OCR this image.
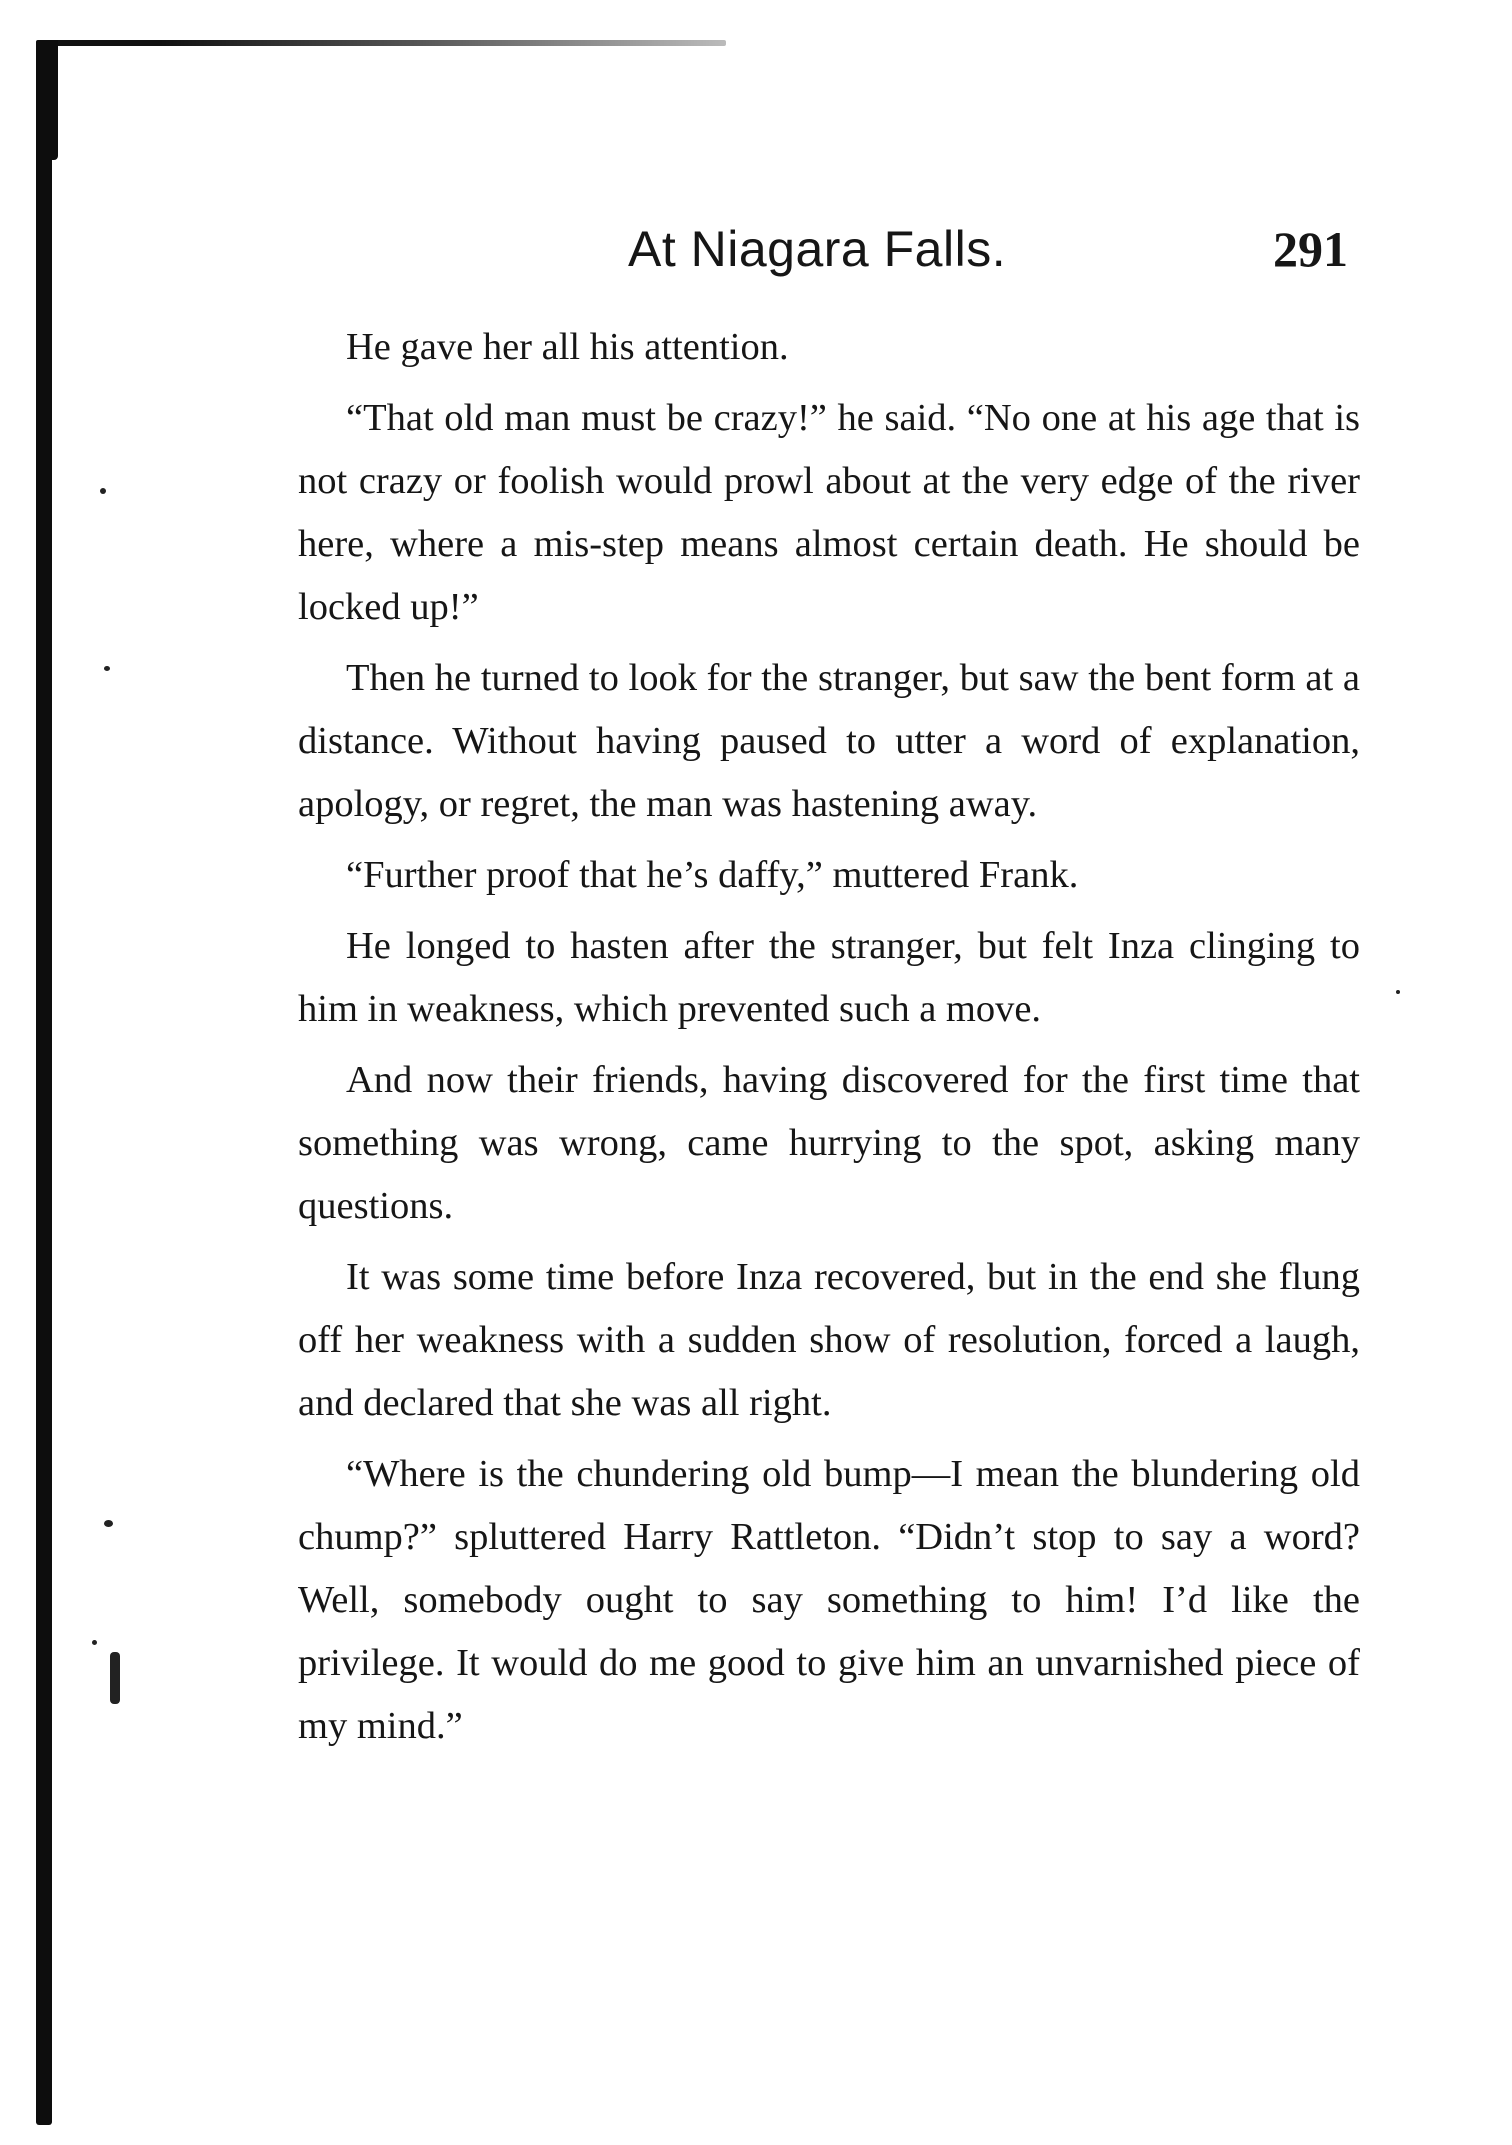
At Niagara Falls.	291

He gave her all his attention.

“That old man must be crazy!” he said. “No one at his age that is not crazy or foolish would prowl about at the very edge of the river here, where a mis-step means almost certain death. He should be locked up!”

Then he turned to look for the stranger, but saw the bent form at a distance. Without having paused to utter a word of explanation, apology, or regret, the man was hastening away.

“Further proof that he’s daffy,” muttered Frank.

He longed to hasten after the stranger, but felt Inza clinging to him in weakness, which prevented such a move.

And now their friends, having discovered for the first time that something was wrong, came hurrying to the spot, asking many questions.

It was some time before Inza recovered, but in the end she flung off her weakness with a sudden show of resolution, forced a laugh, and declared that she was all right.

“Where is the chundering old bump—I mean the blundering old chump?” spluttered Harry Rattleton. “Didn’t stop to say a word? Well, somebody ought to say something to him! I’d like the privilege. It would do me good to give him an unvarnished piece of my mind.”
